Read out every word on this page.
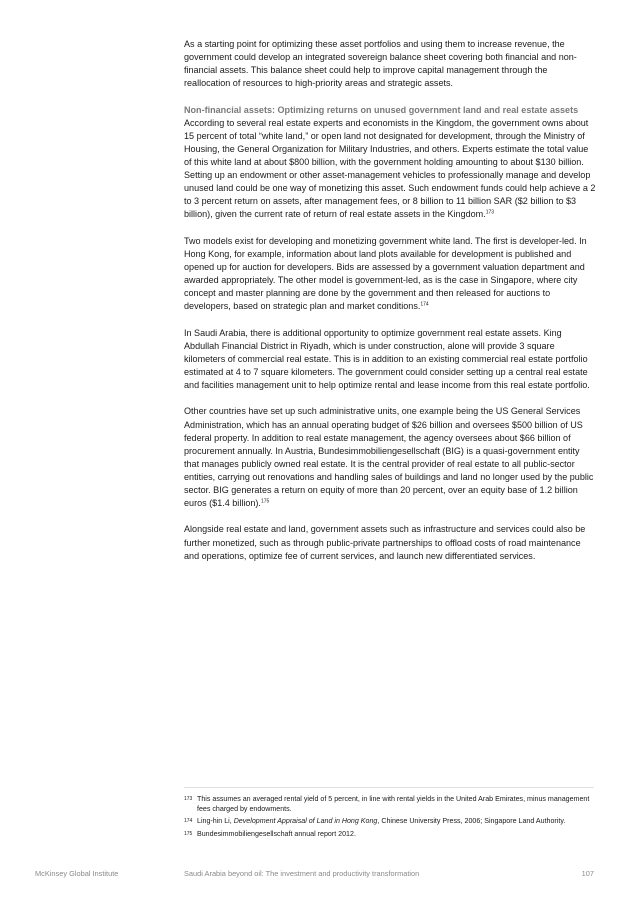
As a starting point for optimizing these asset portfolios and using them to increase revenue, the government could develop an integrated sovereign balance sheet covering both financial and non-financial assets. This balance sheet could help to improve capital management through the reallocation of resources to high-priority areas and strategic assets.

Non-financial assets: Optimizing returns on unused government land and real estate assets

According to several real estate experts and economists in the Kingdom, the government owns about 15 percent of total “white land,” or open land not designated for development, through the Ministry of Housing, the General Organization for Military Industries, and others. Experts estimate the total value of this white land at about $800 billion, with the government holding amounting to about $130 billion. Setting up an endowment or other asset-management vehicles to professionally manage and develop unused land could be one way of monetizing this asset. Such endowment funds could help achieve a 2 to 3 percent return on assets, after management fees, or 8 billion to 11 billion SAR ($2 billion to $3 billion), given the current rate of return of real estate assets in the Kingdom.$^{173}$

Two models exist for developing and monetizing government white land. The first is developer-led. In Hong Kong, for example, information about land plots available for development is published and opened up for auction for developers. Bids are assessed by a government valuation department and awarded appropriately. The other model is government-led, as is the case in Singapore, where city concept and master planning are done by the government and then released for auctions to developers, based on strategic plan and market conditions.$^{174}$

In Saudi Arabia, there is additional opportunity to optimize government real estate assets. King Abdullah Financial District in Riyadh, which is under construction, alone will provide 3 square kilometers of commercial real estate. This is in addition to an existing commercial real estate portfolio estimated at 4 to 7 square kilometers. The government could consider setting up a central real estate and facilities management unit to help optimize rental and lease income from this real estate portfolio.

Other countries have set up such administrative units, one example being the US General Services Administration, which has an annual operating budget of $26 billion and oversees $500 billion of US federal property. In addition to real estate management, the agency oversees about $66 billion of procurement annually. In Austria, Bundesimmobiliengesellschaft (BIG) is a quasi-government entity that manages publicly owned real estate. It is the central provider of real estate to all public-sector entities, carrying out renovations and handling sales of buildings and land no longer used by the public sector. BIG generates a return on equity of more than 20 percent, over an equity base of 1.2 billion euros ($1.4 billion).$^{175}$

Alongside real estate and land, government assets such as infrastructure and services could also be further monetized, such as through public-private partnerships to offload costs of road maintenance and operations, optimize fee of current services, and launch new differentiated services.

173 This assumes an averaged rental yield of 5 percent, in line with rental yields in the United Arab Emirates, minus management fees charged by endowments.
174 Ling-hin Li, Development Appraisal of Land in Hong Kong, Chinese University Press, 2006; Singapore Land Authority.
175 Bundesimmobiliengesellschaft annual report 2012.
McKinsey Global Institute	Saudi Arabia beyond oil: The investment and productivity transformation	107
